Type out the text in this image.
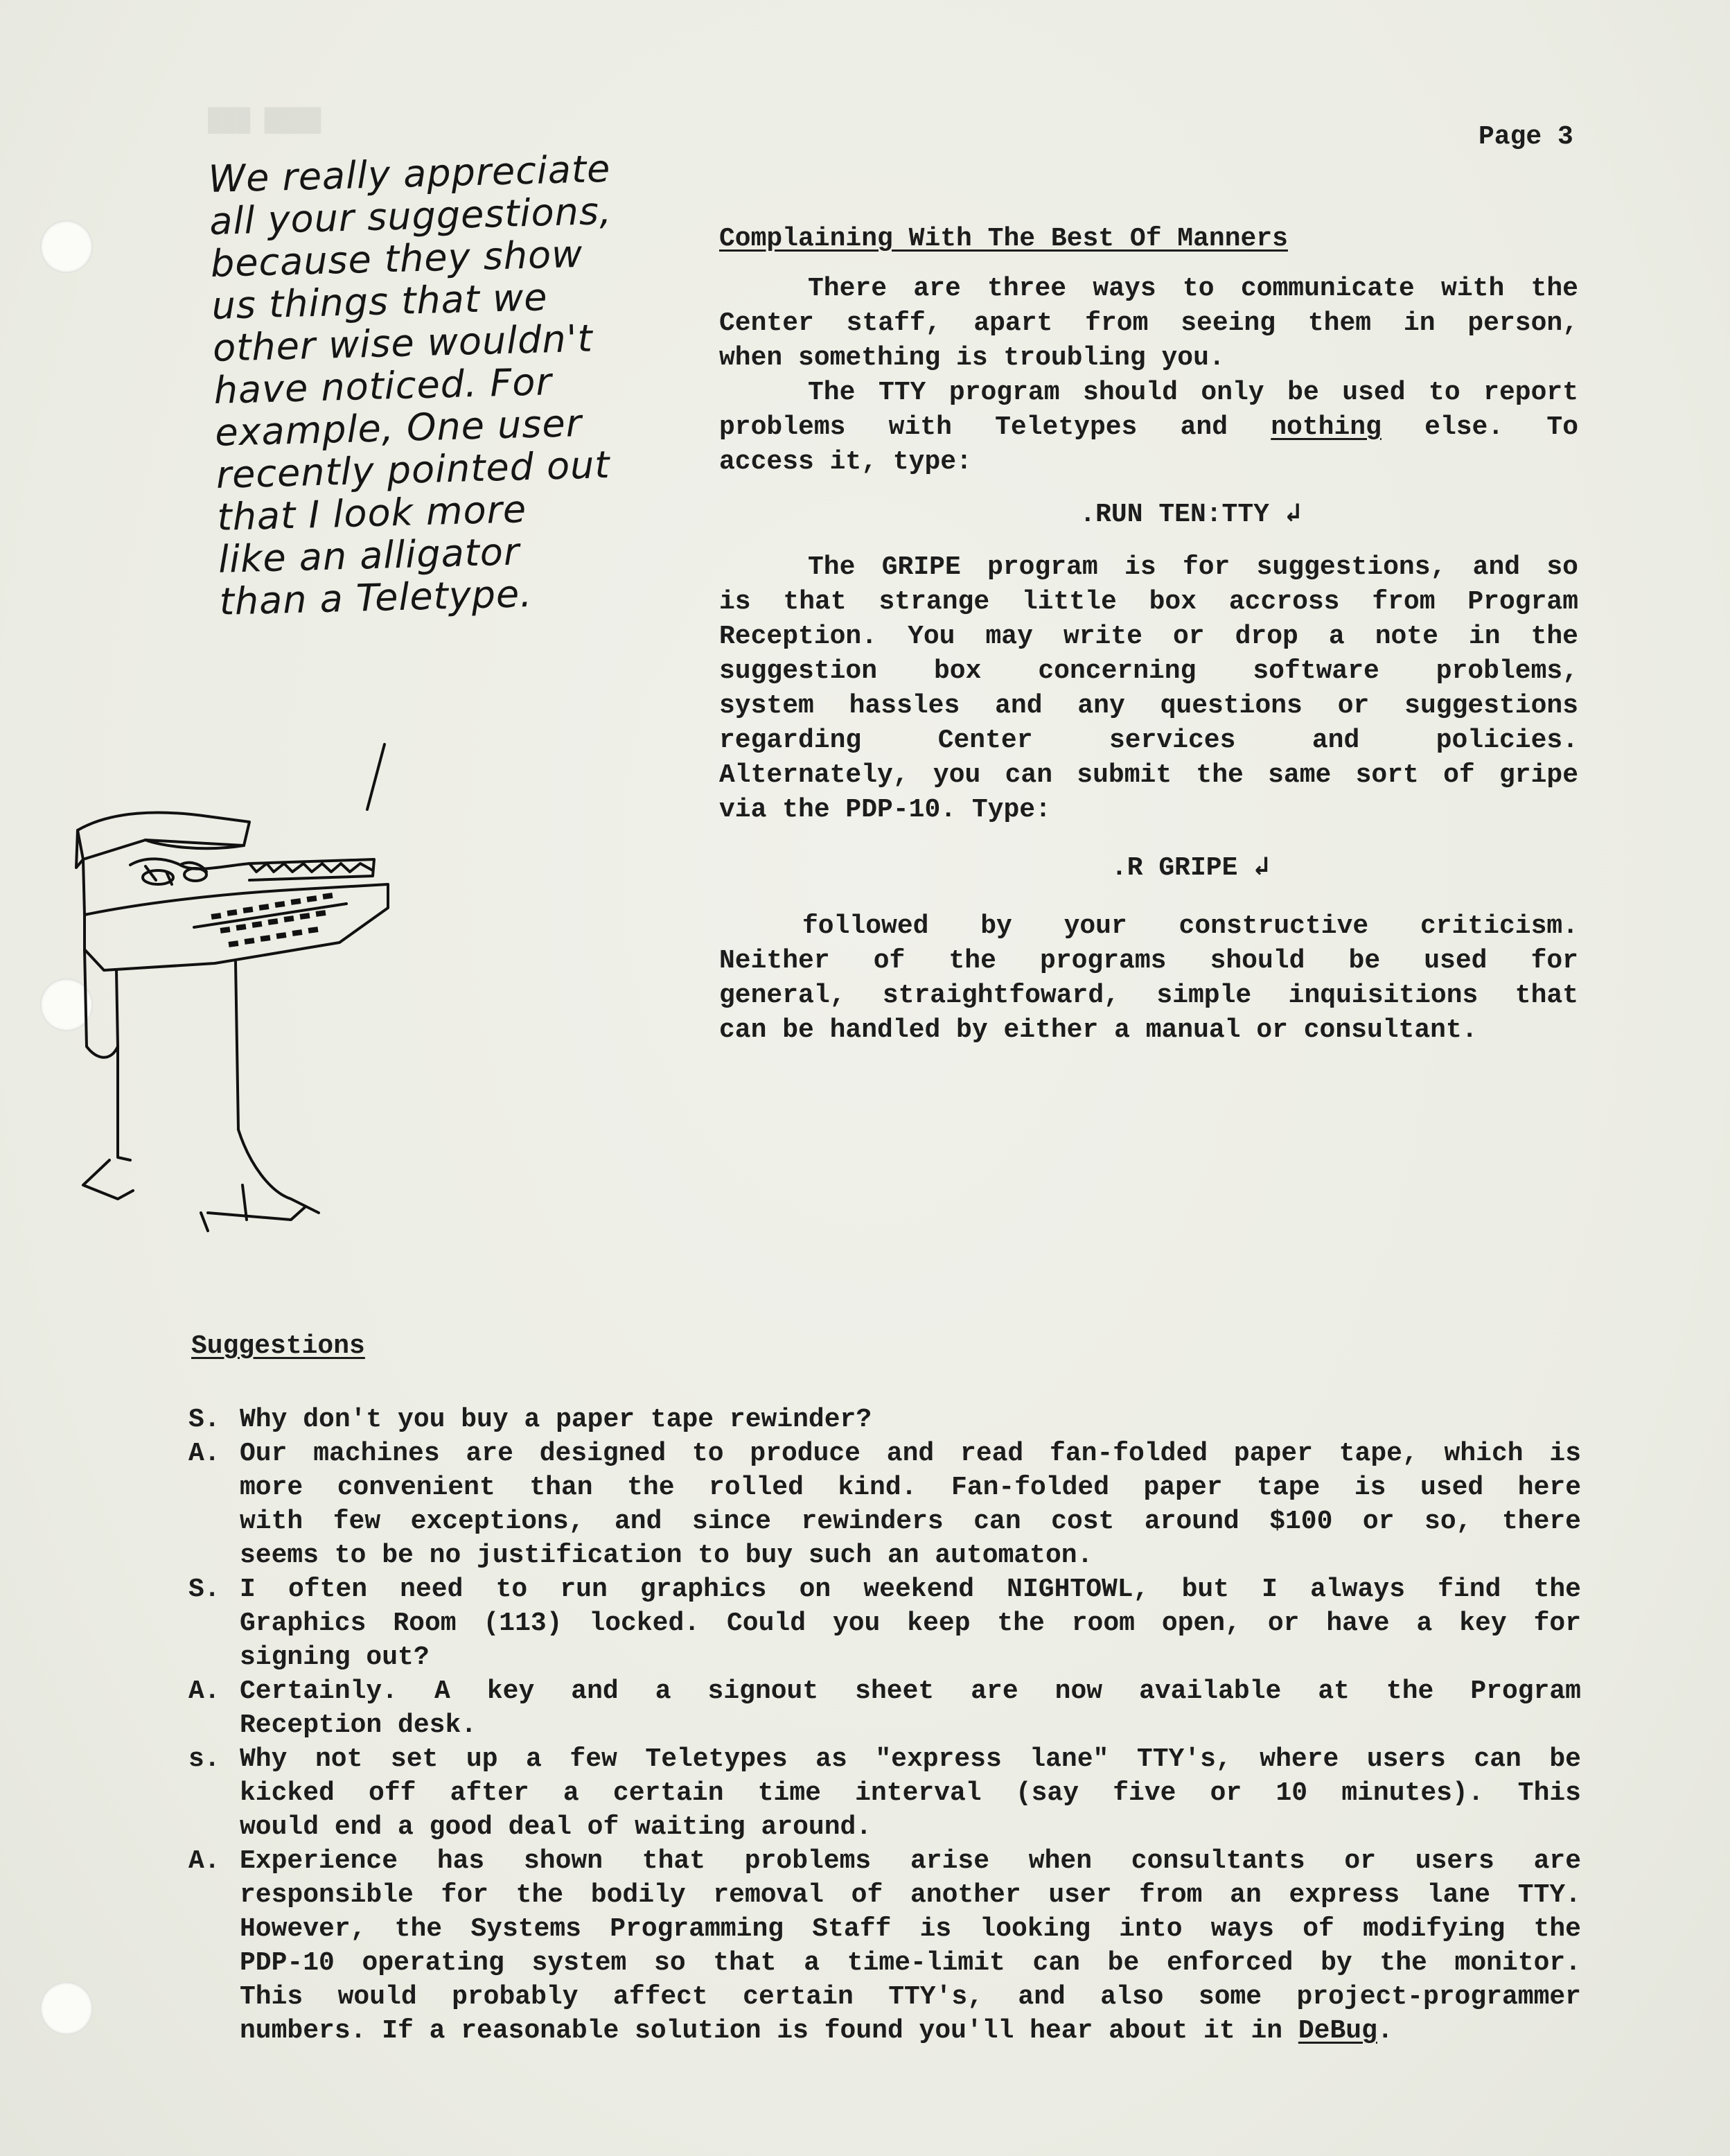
████ ███

Page 3
We really appreciate
all your suggestions,
because they show
us things that we
other wise wouldn't
have noticed. For
example, One user
recently pointed out
that I look more
like an alligator
than a Teletype.

Complaining With The Best Of Manners

There are three ways to communicate with the

Center staff, apart from seeing them in person,

when something is troubling you.

The TTY program should only be used to report

problems with Teletypes and nothing else. To

access it, type:

.RUN TEN:TTY ↲

The GRIPE program is for suggestions, and so

is that strange little box accross from Program

Reception. You may write or drop a note in the

suggestion box concerning software problems,

system hassles and any questions or suggestions

regarding Center services and policies.

Alternately, you can submit the same sort of gripe

via the PDP-10. Type:

.R GRIPE ↲

followed by your constructive criticism.

Neither of the programs should be used for

general, straightfoward, simple inquisitions that

can be handled by either a manual or consultant.

Suggestions
S. Why don't you buy a paper tape rewinder?
A. Our machines are designed to produce and read fan-folded paper tape, which is
more convenient than the rolled kind. Fan-folded paper tape is used here
with few exceptions, and since rewinders can cost around $100 or so, there
seems to be no justification to buy such an automaton.
S. I often need to run graphics on weekend NIGHTOWL, but I always find the
Graphics Room (113) locked. Could you keep the room open, or have a key for
signing out?
A. Certainly. A key and a signout sheet are now available at the Program
Reception desk.
s. Why not set up a few Teletypes as "express lane" TTY's, where users can be
kicked off after a certain time interval (say five or 10 minutes). This
would end a good deal of waiting around.
A. Experience has shown that problems arise when consultants or users are
responsible for the bodily removal of another user from an express lane TTY.
However, the Systems Programming Staff is looking into ways of modifying the
PDP-10 operating system so that a time-limit can be enforced by the monitor.
This would probably affect certain TTY's, and also some project-programmer
numbers. If a reasonable solution is found you'll hear about it in DeBug.
